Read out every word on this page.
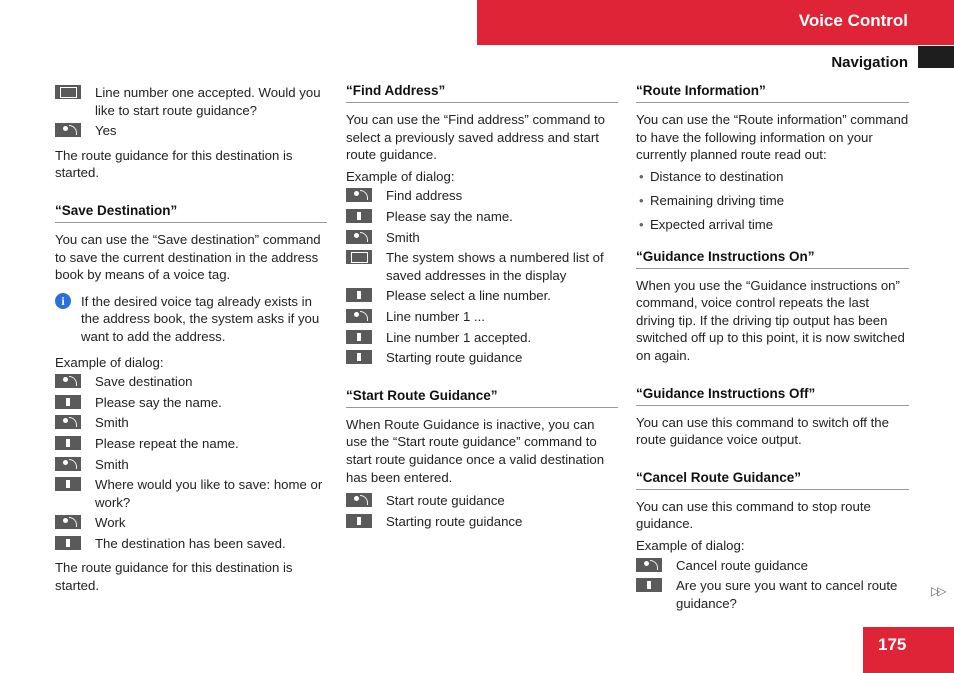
Voice Control
Navigation
Line number one accepted. Would you like to start route guidance?
Yes

The route guidance for this destination is started.

“Save Destination”

You can use the “Save destination” command to save the current destination in the address book by means of a voice tag.

i	If the desired voice tag already exists in the address book, the system asks if you want to add the address.

Example of dialog:

Save destination
Please say the name.
Smith
Please repeat the name.
Smith
Where would you like to save: home or work?
Work
The destination has been saved.

The route guidance for this destination is started.

“Find Address”

You can use the “Find address” command to select a previously saved address and start route guidance.

Example of dialog:

Find address
Please say the name.
Smith
The system shows a numbered list of saved addresses in the display
Please select a line number.
Line number 1 ...
Line number 1 accepted.
Starting route guidance
“Start Route Guidance”

When Route Guidance is inactive, you can use the “Start route guidance” command to start route guidance once a valid destination has been entered.

Start route guidance
Starting route guidance
“Route Information”

You can use the “Route information” command to have the following information on your currently planned route read out:

• Distance to destination
• Remaining driving time
• Expected arrival time
“Guidance Instructions On”

When you use the “Guidance instructions on” command, voice control repeats the last driving tip. If the driving tip output has been switched off up to this point, it is now switched on again.

“Guidance Instructions Off”

You can use this command to switch off the route guidance voice output.

“Cancel Route Guidance”

You can use this command to stop route guidance.

Example of dialog:

Cancel route guidance
Are you sure you want to cancel route guidance?
▷▷
175
